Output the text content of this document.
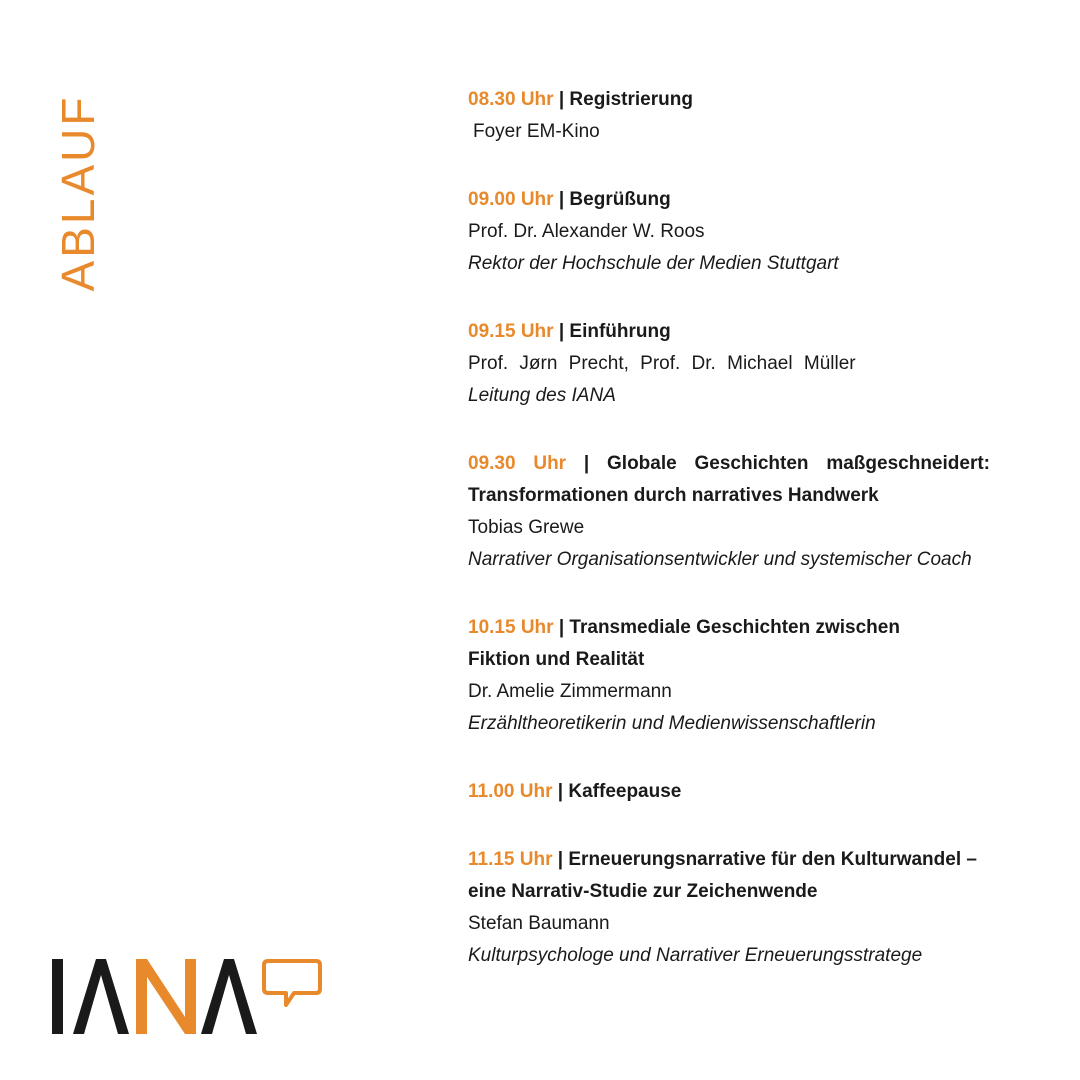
ABLAUF	08.30 Uhr | Registrierung
Foyer EM-Kino
09.00 Uhr | Begrüßung
Prof. Dr. Alexander W. Roos
Rektor der Hochschule der Medien Stuttgart
09.15 Uhr | Einführung
Prof. Jørn Precht, Prof. Dr. Michael Müller
Leitung des IANA
09.30 Uhr | Globale Geschichten maßgeschneidert: Transformationen durch narratives Handwerk
Tobias Grewe
Narrativer Organisationsentwickler und systemischer Coach
10.15 Uhr | Transmediale Geschichten zwischen Fiktion und Realität
Dr. Amelie Zimmermann
Erzähltheoretikerin und Medienwissenschaftlerin
11.00 Uhr | Kaffeepause
11.15 Uhr | Erneuerungsnarrative für den Kulturwandel – eine Narrativ-Studie zur Zeichenwende
Stefan Baumann
Kulturpsychologe und Narrativer Erneuerungsstratege
